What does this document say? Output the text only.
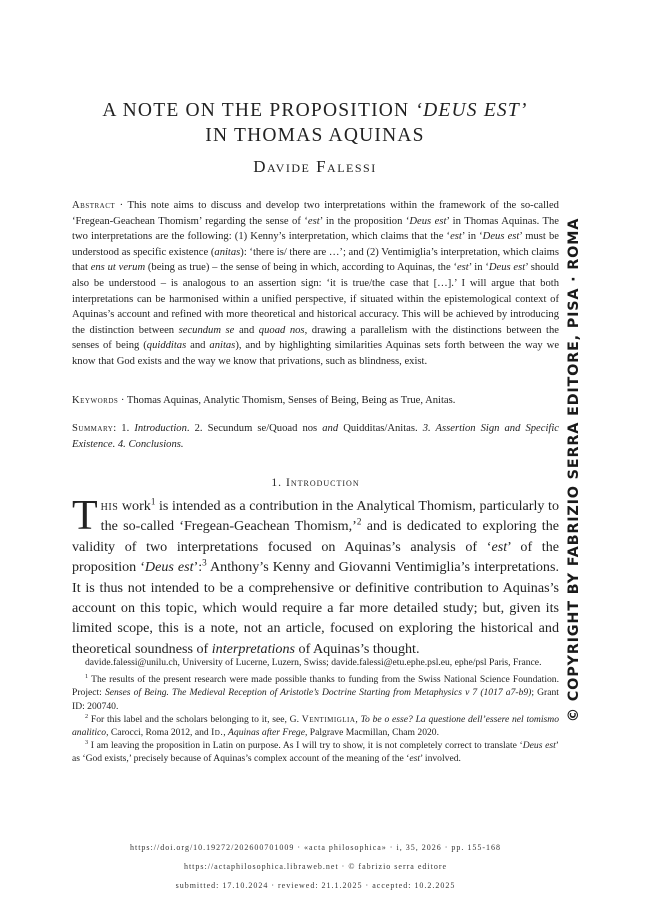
A NOTE ON THE PROPOSITION ‘DEUS EST’
IN THOMAS AQUINAS
Davide Falessi
Abstract · This note aims to discuss and develop two interpretations within the framework of the so-called ‘Fregean-Geachean Thomism’ regarding the sense of ‘est’ in the proposition ‘Deus est’ in Thomas Aquinas. The two interpretations are the following: (1) Kenny’s interpretation, which claims that the ‘est’ in ‘Deus est’ must be understood as specific existence (anitas): ‘there is/ there are …’; and (2) Ventimiglia’s interpretation, which claims that ens ut verum (being as true) – the sense of being in which, according to Aquinas, the ‘est’ in ‘Deus est’ should also be understood – is analogous to an assertion sign: ‘it is true/the case that […].’ I will argue that both interpretations can be harmonised within a unified perspective, if situated within the epistemological context of Aquinas’s account and refined with more theoretical and historical accuracy. This will be achieved by introducing the distinction between secundum se and quoad nos, drawing a parallelism with the distinctions between the senses of being (quidditas and anitas), and by highlighting similarities Aquinas sets forth between the way we know that God exists and the way we know that privations, such as blindness, exist.
Keywords · Thomas Aquinas, Analytic Thomism, Senses of Being, Being as True, Anitas.
Summary: 1. Introduction. 2. Secundum se/Quoad nos and Quidditas/Anitas. 3. Assertion Sign and Specific Existence. 4. Conclusions.
1. Introduction
This work$^1$ is intended as a contribution in the Analytical Thomism, particularly to the so-called ‘Fregean-Geachean Thomism,’$^2$ and is dedicated to exploring the validity of two interpretations focused on Aquinas’s analysis of ‘est’ of the proposition ‘Deus est’:$^3$ Anthony’s Kenny and Giovanni Ventimiglia’s interpretations. It is thus not intended to be a comprehensive or definitive contribution to Aquinas’s account on this topic, which would require a far more detailed study; but, given its limited scope, this is a note, not an article, focused on exploring the historical and theoretical soundness of interpretations of Aquinas’s thought.

davide.falessi@unilu.ch, University of Lucerne, Luzern, Swiss; davide.falessi@etu.ephe.psl.eu, ephe/psl Paris, France.

$^1$ The results of the present research were made possible thanks to funding from the Swiss National Science Foundation. Project: Senses of Being. The Medieval Reception of Aristotle’s Doctrine Starting from Metaphysics v 7 (1017 a7-b9); Grant ID: 200740.

$^2$ For this label and the scholars belonging to it, see, G. Ventimiglia, To be o esse? La questione dell’essere nel tomismo analitico, Carocci, Roma 2012, and Id., Aquinas after Frege, Palgrave Macmillan, Cham 2020.

$^3$ I am leaving the proposition in Latin on purpose. As I will try to show, it is not completely correct to translate ‘Deus est’ as ‘God exists,’ precisely because of Aquinas’s complex account of the meaning of the ‘est’ involved.

https://doi.org/10.19272/202600701009 · «acta philosophica» · i, 35, 2026 · pp. 155-168
https://actaphilosophica.libraweb.net · © fabrizio serra editore
submitted: 17.10.2024 · reviewed: 21.1.2025 · accepted: 10.2.2025
© COPYRIGHT BY FABRIZIO SERRA EDITORE, PISA · ROMA
